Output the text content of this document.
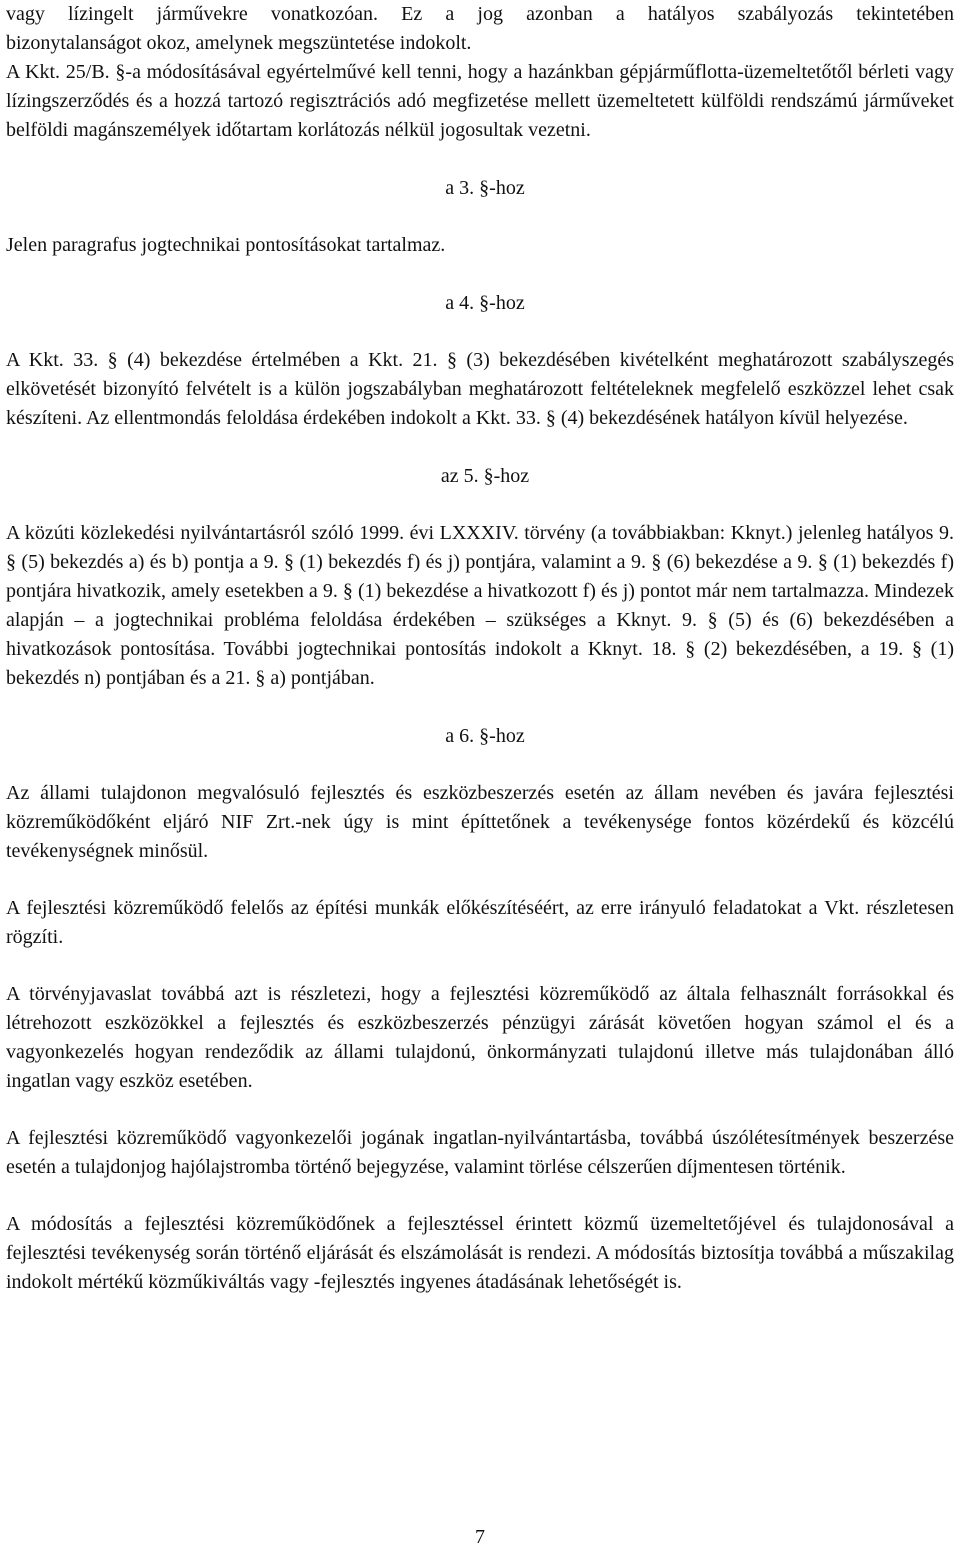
vagy lízingelt járművekre vonatkozóan. Ez a jog azonban a hatályos szabályozás tekintetében

bizonytalanságot okoz, amelynek megszüntetése indokolt.

A Kkt. 25/B. §-a módosításával egyértelművé kell tenni, hogy a hazánkban gépjárműflotta-üzemeltetőtől bérleti vagy lízingszerződés és a hozzá tartozó regisztrációs adó megfizetése mellett üzemeltetett külföldi rendszámú járműveket belföldi magánszemélyek időtartam korlátozás nélkül jogosultak vezetni.

a 3. §-hoz

Jelen paragrafus jogtechnikai pontosításokat tartalmaz.

a 4. §-hoz

A Kkt. 33. § (4) bekezdése értelmében a Kkt. 21. § (3) bekezdésében kivételként meghatározott szabályszegés elkövetését bizonyító felvételt is a külön jogszabályban meghatározott feltételeknek megfelelő eszközzel lehet csak készíteni. Az ellentmondás feloldása érdekében indokolt a Kkt. 33. § (4) bekezdésének hatályon kívül helyezése.

az 5. §-hoz

A közúti közlekedési nyilvántartásról szóló 1999. évi LXXXIV. törvény (a továbbiakban: Kknyt.) jelenleg hatályos 9. § (5) bekezdés a) és b) pontja a 9. § (1) bekezdés f) és j) pontjára, valamint a 9. § (6) bekezdése a 9. § (1) bekezdés f) pontjára hivatkozik, amely esetekben a 9. § (1) bekezdése a hivatkozott f) és j) pontot már nem tartalmazza. Mindezek alapján – a jogtechnikai probléma feloldása érdekében – szükséges a Kknyt. 9. § (5) és (6) bekezdésében a hivatkozások pontosítása. További jogtechnikai pontosítás indokolt a Kknyt. 18. § (2) bekezdésében, a 19. § (1) bekezdés n) pontjában és a 21. § a) pontjában.

a 6. §-hoz

Az állami tulajdonon megvalósuló fejlesztés és eszközbeszerzés esetén az állam nevében és javára fejlesztési közreműködőként eljáró NIF Zrt.-nek úgy is mint építtetőnek a tevékenysége fontos közérdekű és közcélú tevékenységnek minősül.

A fejlesztési közreműködő felelős az építési munkák előkészítéséért, az erre irányuló feladatokat a Vkt. részletesen rögzíti.

A törvényjavaslat továbbá azt is részletezi, hogy a fejlesztési közreműködő az általa felhasznált forrásokkal és létrehozott eszközökkel a fejlesztés és eszközbeszerzés pénzügyi zárását követően hogyan számol el és a vagyonkezelés hogyan rendeződik az állami tulajdonú, önkormányzati tulajdonú illetve más tulajdonában álló ingatlan vagy eszköz esetében.

A fejlesztési közreműködő vagyonkezelői jogának ingatlan-nyilvántartásba, továbbá úszólétesítmények beszerzése esetén a tulajdonjog hajólajstromba történő bejegyzése, valamint törlése célszerűen díjmentesen történik.

A módosítás a fejlesztési közreműködőnek a fejlesztéssel érintett közmű üzemeltetőjével és tulajdonosával a fejlesztési tevékenység során történő eljárását és elszámolását is rendezi. A módosítás biztosítja továbbá a műszakilag indokolt mértékű közműkiváltás vagy -fejlesztés ingyenes átadásának lehetőségét is.

7
